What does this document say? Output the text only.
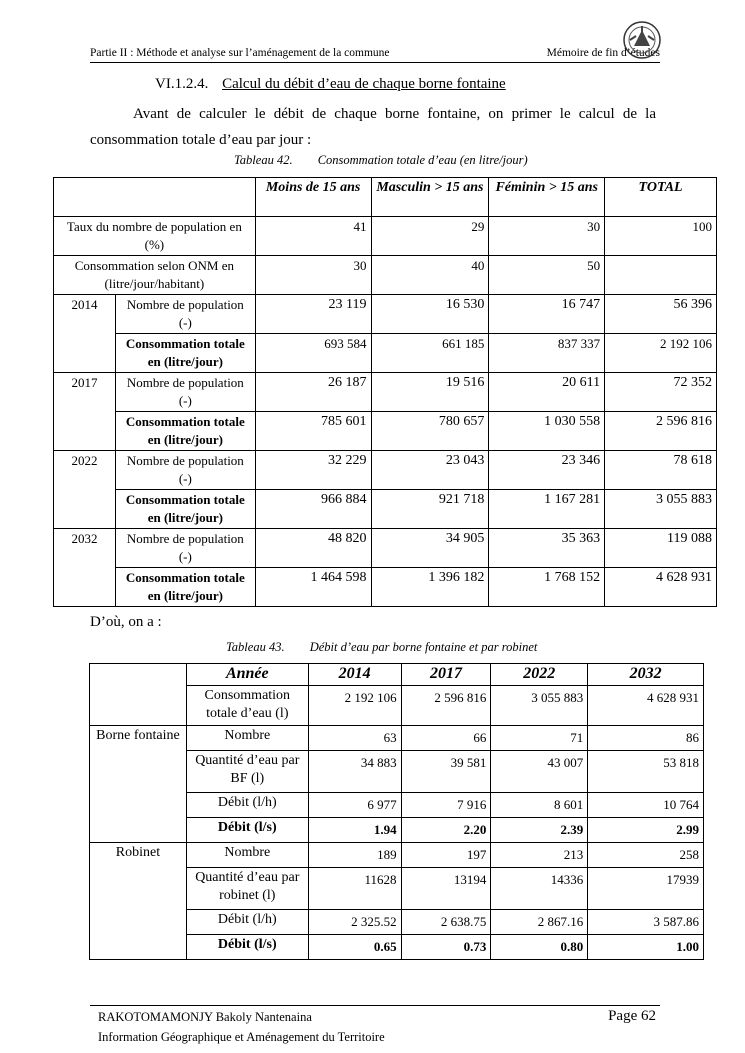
Partie II : Méthode et analyse sur l’aménagement de la commune	Mémoire de fin d’études
VI.1.2.4. Calcul du débit d’eau de chaque borne fontaine
Avant de calculer le débit de chaque borne fontaine, on primer le calcul de la consommation totale d’eau par jour :
Tableau 42. Consommation totale d’eau (en litre/jour)
		Moins de 15 ans	Masculin > 15 ans	Féminin > 15 ans	TOTAL
Taux du nombre de population en (%)		41	29	30	100
Consommation selon ONM en (litre/jour/habitant)		30	40	50	
2014	Nombre de population (-)	23 119	16 530	16 747	56 396
	Consommation totale en (litre/jour)	693 584	661 185	837 337	2 192 106
2017	Nombre de population (-)	26 187	19 516	20 611	72 352
	Consommation totale en (litre/jour)	785 601	780 657	1 030 558	2 596 816
2022	Nombre de population (-)	32 229	23 043	23 346	78 618
	Consommation totale en (litre/jour)	966 884	921 718	1 167 281	3 055 883
2032	Nombre de population (-)	48 820	34 905	35 363	119 088
	Consommation totale en (litre/jour)	1 464 598	1 396 182	1 768 152	4 628 931
D’où, on a :
Tableau 43. Débit d’eau par borne fontaine et par robinet
	Année	2014	2017	2022	2032
	Consommation totale d’eau (l)	2 192 106	2 596 816	3 055 883	4 628 931
Borne fontaine	Nombre	63	66	71	86
	Quantité d’eau par BF (l)	34 883	39 581	43 007	53 818
	Débit (l/h)	6 977	7 916	8 601	10 764
	Débit (l/s)	1.94	2.20	2.39	2.99
Robinet	Nombre	189	197	213	258
	Quantité d’eau par robinet (l)	11628	13194	14336	17939
	Débit (l/h)	2 325.52	2 638.75	2 867.16	3 587.86
	Débit (l/s)	0.65	0.73	0.80	1.00
RAKOTOMAMONJY Bakoly Nantenaina	Page 62
Information Géographique et Aménagement du Territoire
